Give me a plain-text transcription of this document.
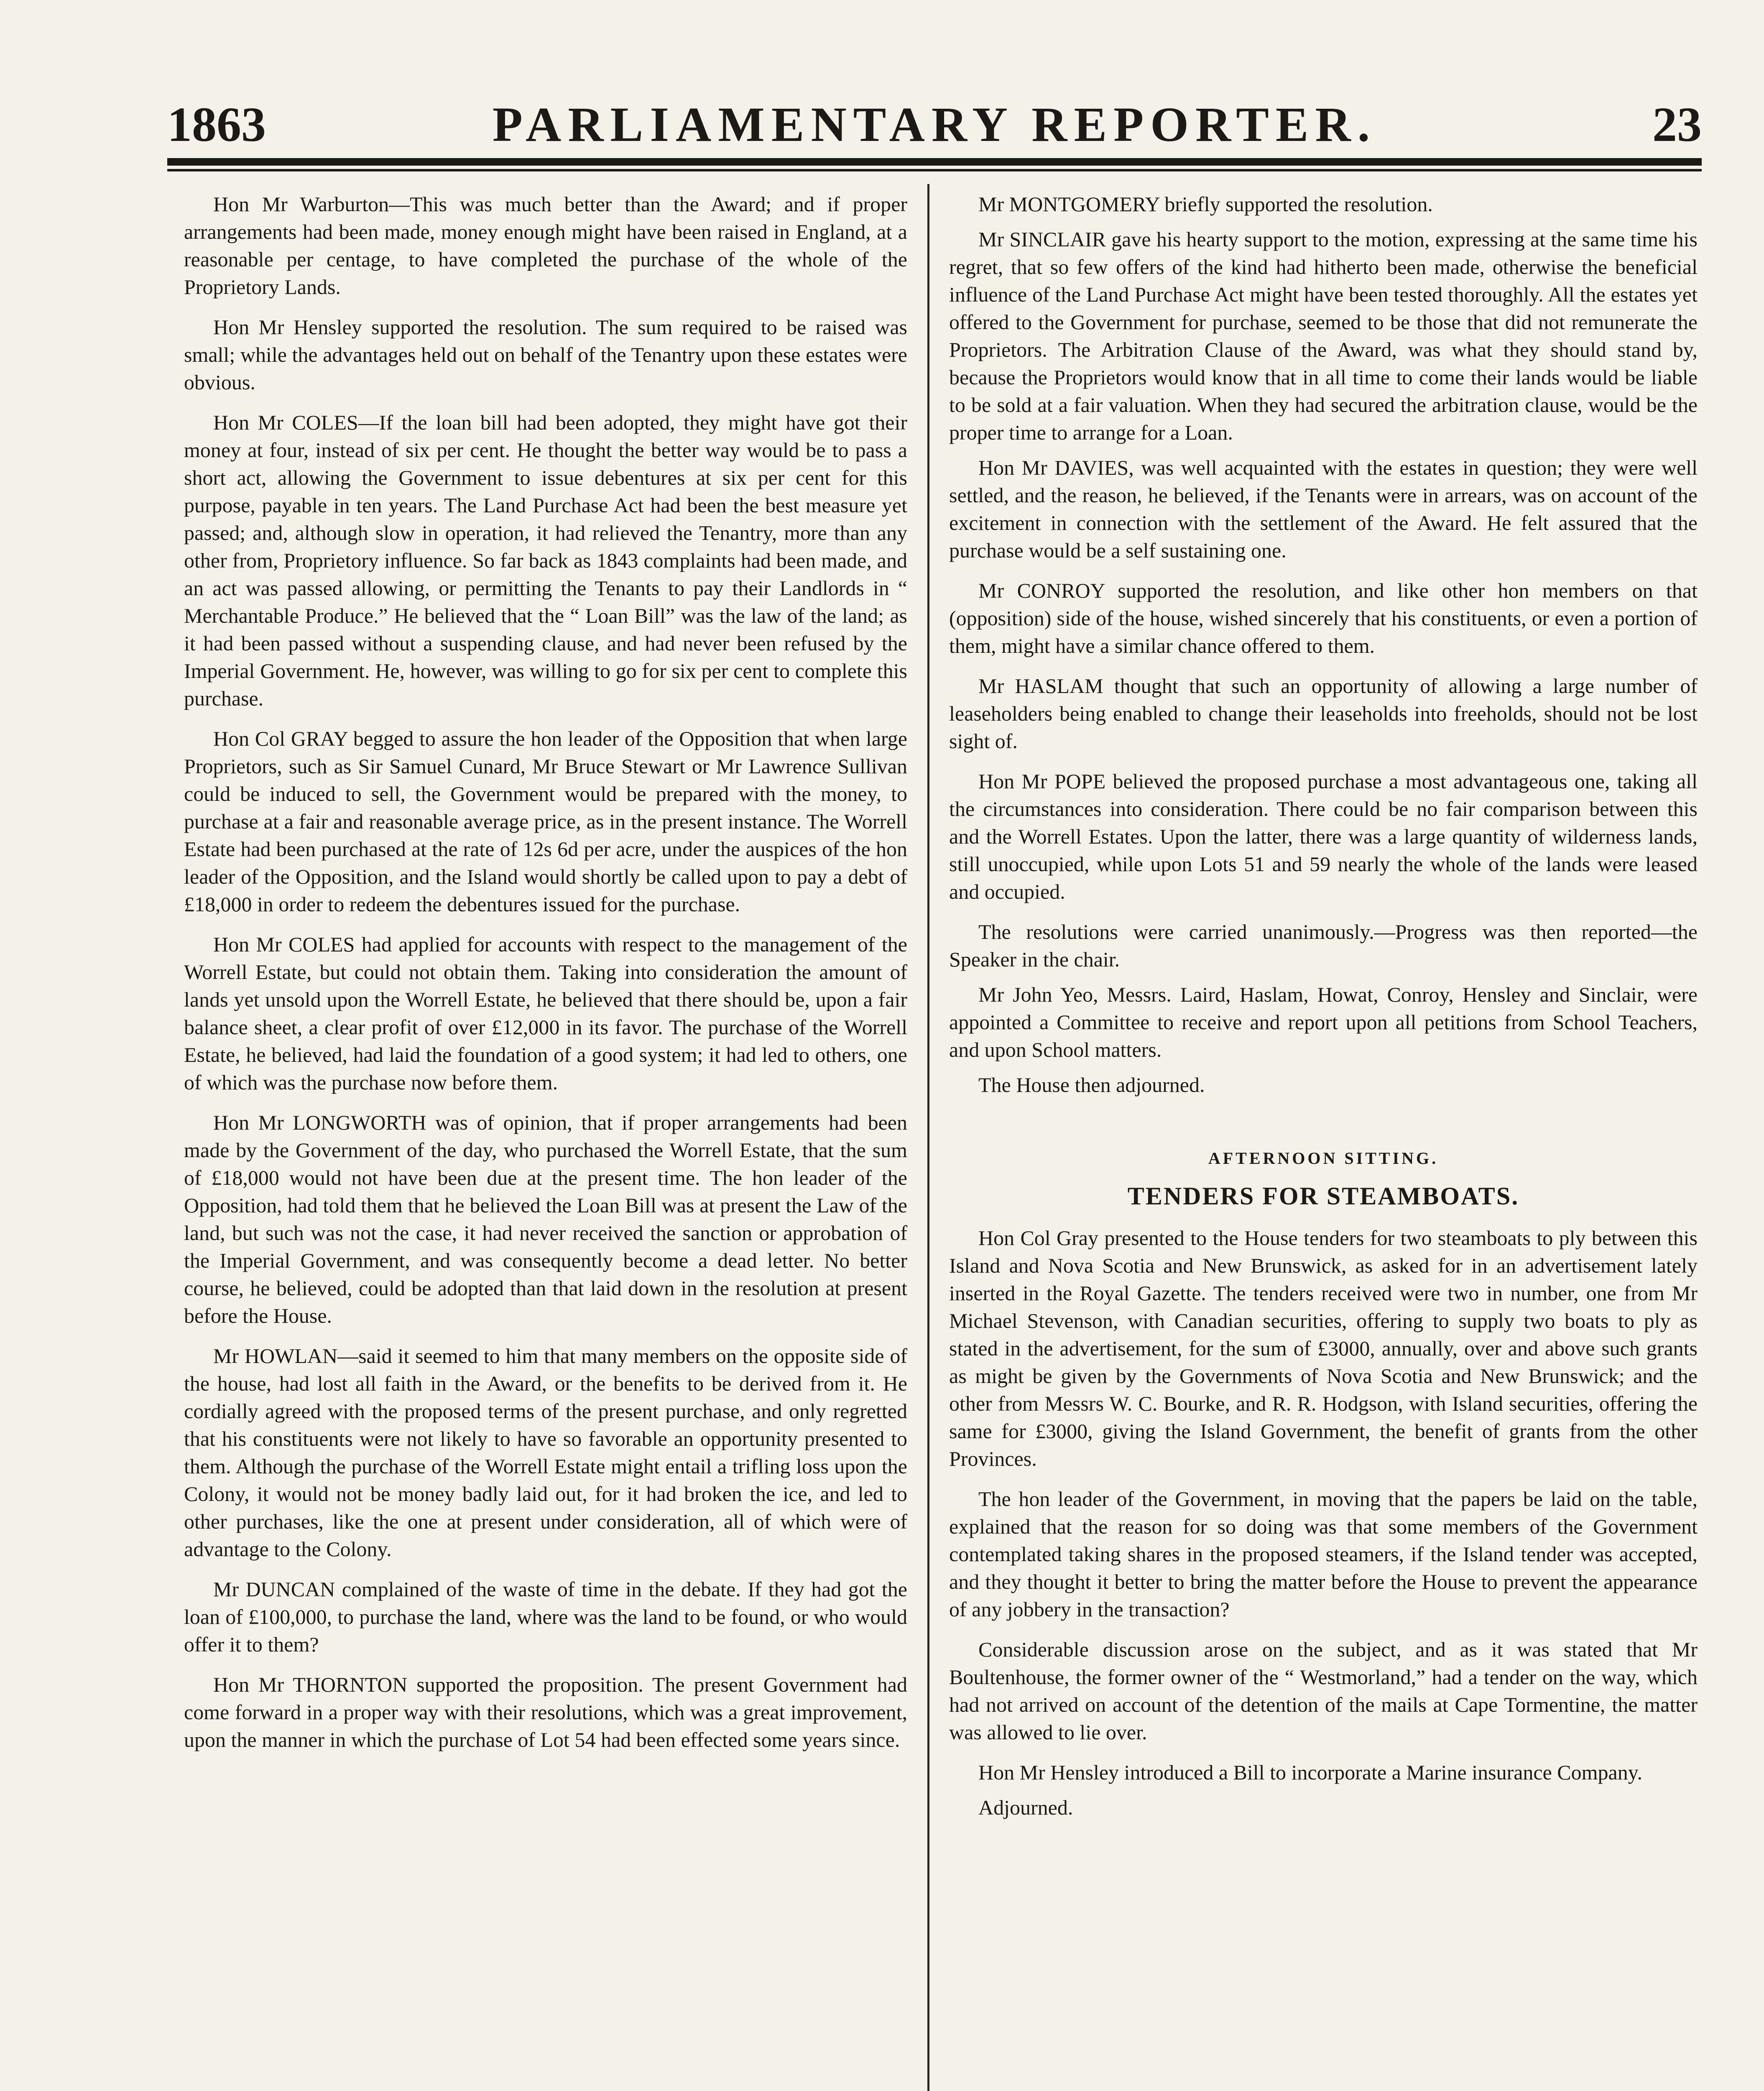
1863	PARLIAMENTARY REPORTER.	23

Hon Mr Warburton—This was much better than the Award; and if proper arrangements had been made, money enough might have been raised in England, at a reasonable per centage, to have completed the purchase of the whole of the Proprietory Lands.

Hon Mr Hensley supported the resolution. The sum required to be raised was small; while the advantages held out on behalf of the Tenantry upon these estates were obvious.

Hon Mr COLES—If the loan bill had been adopted, they might have got their money at four, instead of six per cent. He thought the better way would be to pass a short act, allowing the Government to issue debentures at six per cent for this purpose, payable in ten years. The Land Purchase Act had been the best measure yet passed; and, although slow in operation, it had relieved the Tenantry, more than any other from, Proprietory influence. So far back as 1843 complaints had been made, and an act was passed allowing, or permitting the Tenants to pay their Landlords in “ Merchantable Produce.” He believed that the “ Loan Bill” was the law of the land; as it had been passed without a suspending clause, and had never been refused by the Imperial Government. He, however, was willing to go for six per cent to complete this purchase.

Hon Col GRAY begged to assure the hon leader of the Opposition that when large Proprietors, such as Sir Samuel Cunard, Mr Bruce Stewart or Mr Lawrence Sullivan could be induced to sell, the Government would be prepared with the money, to purchase at a fair and reasonable average price, as in the present instance. The Worrell Estate had been purchased at the rate of 12s 6d per acre, under the auspices of the hon leader of the Opposition, and the Island would shortly be called upon to pay a debt of £18,000 in order to redeem the debentures issued for the purchase.

Hon Mr COLES had applied for accounts with respect to the management of the Worrell Estate, but could not obtain them. Taking into consideration the amount of lands yet unsold upon the Worrell Estate, he believed that there should be, upon a fair balance sheet, a clear profit of over £12,000 in its favor. The purchase of the Worrell Estate, he believed, had laid the foundation of a good system; it had led to others, one of which was the purchase now before them.

Hon Mr LONGWORTH was of opinion, that if proper arrangements had been made by the Government of the day, who purchased the Worrell Estate, that the sum of £18,000 would not have been due at the present time. The hon leader of the Opposition, had told them that he believed the Loan Bill was at present the Law of the land, but such was not the case, it had never received the sanction or approbation of the Imperial Government, and was consequently become a dead letter. No better course, he believed, could be adopted than that laid down in the resolution at present before the House.

Mr HOWLAN—said it seemed to him that many members on the opposite side of the house, had lost all faith in the Award, or the benefits to be derived from it. He cordially agreed with the proposed terms of the present purchase, and only regretted that his constituents were not likely to have so favorable an opportunity presented to them. Although the purchase of the Worrell Estate might entail a trifling loss upon the Colony, it would not be money badly laid out, for it had broken the ice, and led to other purchases, like the one at present under consideration, all of which were of advantage to the Colony.

Mr DUNCAN complained of the waste of time in the debate. If they had got the loan of £100,000, to purchase the land, where was the land to be found, or who would offer it to them?

Hon Mr THORNTON supported the proposition. The present Government had come forward in a proper way with their resolutions, which was a great improvement, upon the manner in which the purchase of Lot 54 had been effected some years since.

Mr MONTGOMERY briefly supported the resolution.

Mr SINCLAIR gave his hearty support to the motion, expressing at the same time his regret, that so few offers of the kind had hitherto been made, otherwise the beneficial influence of the Land Purchase Act might have been tested thoroughly. All the estates yet offered to the Government for purchase, seemed to be those that did not remunerate the Proprietors. The Arbitration Clause of the Award, was what they should stand by, because the Proprietors would know that in all time to come their lands would be liable to be sold at a fair valuation. When they had secured the arbitration clause, would be the proper time to arrange for a Loan.

Hon Mr DAVIES, was well acquainted with the estates in question; they were well settled, and the reason, he believed, if the Tenants were in arrears, was on account of the excitement in connection with the settlement of the Award. He felt assured that the purchase would be a self sustaining one.

Mr CONROY supported the resolution, and like other hon members on that (opposition) side of the house, wished sincerely that his constituents, or even a portion of them, might have a similar chance offered to them.

Mr HASLAM thought that such an opportunity of allowing a large number of leaseholders being enabled to change their leaseholds into freeholds, should not be lost sight of.

Hon Mr POPE believed the proposed purchase a most advantageous one, taking all the circumstances into consideration. There could be no fair comparison between this and the Worrell Estates. Upon the latter, there was a large quantity of wilderness lands, still unoccupied, while upon Lots 51 and 59 nearly the whole of the lands were leased and occupied.

The resolutions were carried unanimously.—Progress was then reported—the Speaker in the chair.

Mr John Yeo, Messrs. Laird, Haslam, Howat, Conroy, Hensley and Sinclair, were appointed a Committee to receive and report upon all petitions from School Teachers, and upon School matters.

The House then adjourned.

AFTERNOON SITTING.
TENDERS FOR STEAMBOATS.

Hon Col Gray presented to the House tenders for two steamboats to ply between this Island and Nova Scotia and New Brunswick, as asked for in an advertisement lately inserted in the Royal Gazette. The tenders received were two in number, one from Mr Michael Stevenson, with Canadian securities, offering to supply two boats to ply as stated in the advertisement, for the sum of £3000, annually, over and above such grants as might be given by the Governments of Nova Scotia and New Brunswick; and the other from Messrs W. C. Bourke, and R. R. Hodgson, with Island securities, offering the same for £3000, giving the Island Government, the benefit of grants from the other Provinces.

The hon leader of the Government, in moving that the papers be laid on the table, explained that the reason for so doing was that some members of the Government contemplated taking shares in the proposed steamers, if the Island tender was accepted, and they thought it better to bring the matter before the House to prevent the appearance of any jobbery in the transaction?

Considerable discussion arose on the subject, and as it was stated that Mr Boultenhouse, the former owner of the “ Westmorland,” had a tender on the way, which had not arrived on account of the detention of the mails at Cape Tormentine, the matter was allowed to lie over.

Hon Mr Hensley introduced a Bill to incorporate a Marine insurance Company.

Adjourned.
